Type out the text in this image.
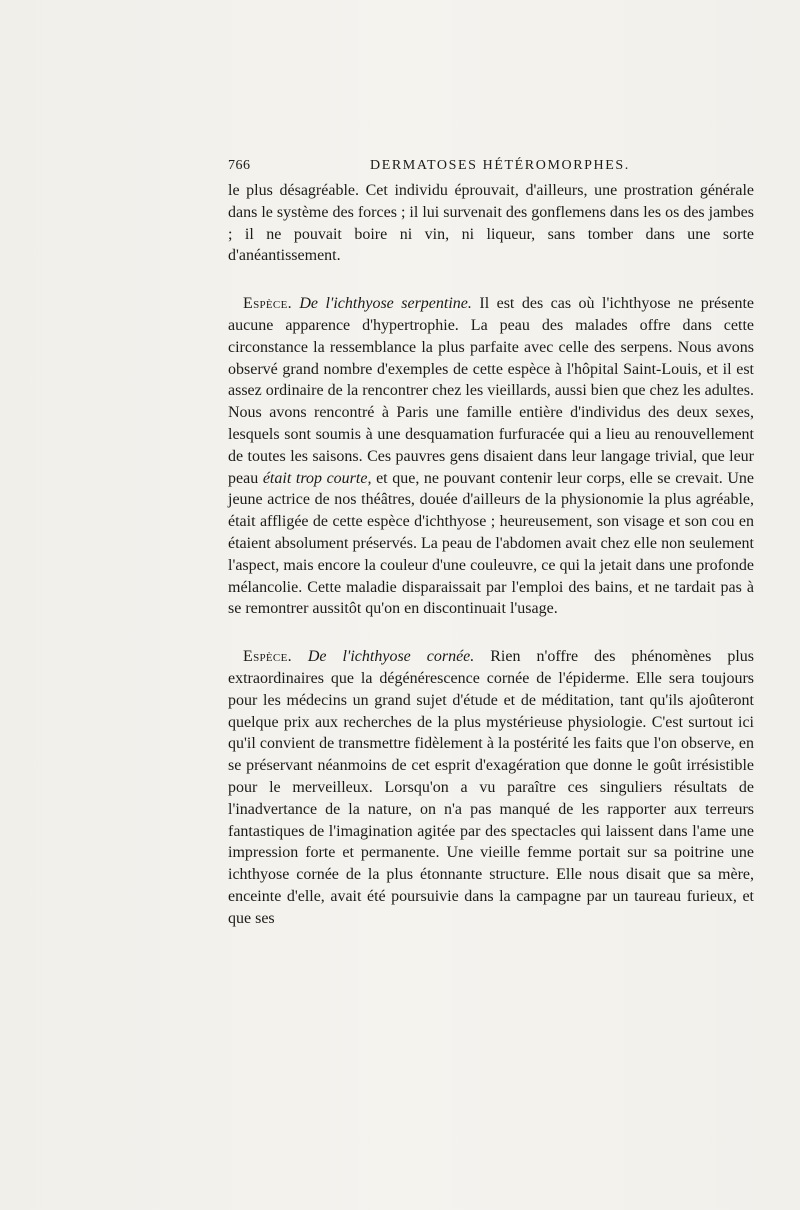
766	DERMATOSES HÉTÉROMORPHES.

le plus désagréable. Cet individu éprouvait, d'ailleurs, une prostration générale dans le système des forces ; il lui survenait des gonflemens dans les os des jambes ; il ne pouvait boire ni vin, ni liqueur, sans tomber dans une sorte d'anéantissement.

Espèce. De l'ichthyose serpentine. Il est des cas où l'ichthyose ne présente aucune apparence d'hypertrophie. La peau des malades offre dans cette circonstance la ressemblance la plus parfaite avec celle des serpens. Nous avons observé grand nombre d'exemples de cette espèce à l'hôpital Saint-Louis, et il est assez ordinaire de la rencontrer chez les vieillards, aussi bien que chez les adultes. Nous avons rencontré à Paris une famille entière d'individus des deux sexes, lesquels sont soumis à une desquamation furfuracée qui a lieu au renouvellement de toutes les saisons. Ces pauvres gens disaient dans leur langage trivial, que leur peau était trop courte, et que, ne pouvant contenir leur corps, elle se crevait. Une jeune actrice de nos théâtres, douée d'ailleurs de la physionomie la plus agréable, était affligée de cette espèce d'ichthyose ; heureusement, son visage et son cou en étaient absolument préservés. La peau de l'abdomen avait chez elle non seulement l'aspect, mais encore la couleur d'une couleuvre, ce qui la jetait dans une profonde mélancolie. Cette maladie disparaissait par l'emploi des bains, et ne tardait pas à se remontrer aussitôt qu'on en discontinuait l'usage.

Espèce. De l'ichthyose cornée. Rien n'offre des phénomènes plus extraordinaires que la dégénérescence cornée de l'épiderme. Elle sera toujours pour les médecins un grand sujet d'étude et de méditation, tant qu'ils ajoûteront quelque prix aux recherches de la plus mystérieuse physiologie. C'est surtout ici qu'il convient de transmettre fidèlement à la postérité les faits que l'on observe, en se préservant néanmoins de cet esprit d'exagération que donne le goût irrésistible pour le merveilleux. Lorsqu'on a vu paraître ces singuliers résultats de l'inadvertance de la nature, on n'a pas manqué de les rapporter aux terreurs fantastiques de l'imagination agitée par des spectacles qui laissent dans l'ame une impression forte et permanente. Une vieille femme portait sur sa poitrine une ichthyose cornée de la plus étonnante structure. Elle nous disait que sa mère, enceinte d'elle, avait été poursuivie dans la campagne par un taureau furieux, et que ses
